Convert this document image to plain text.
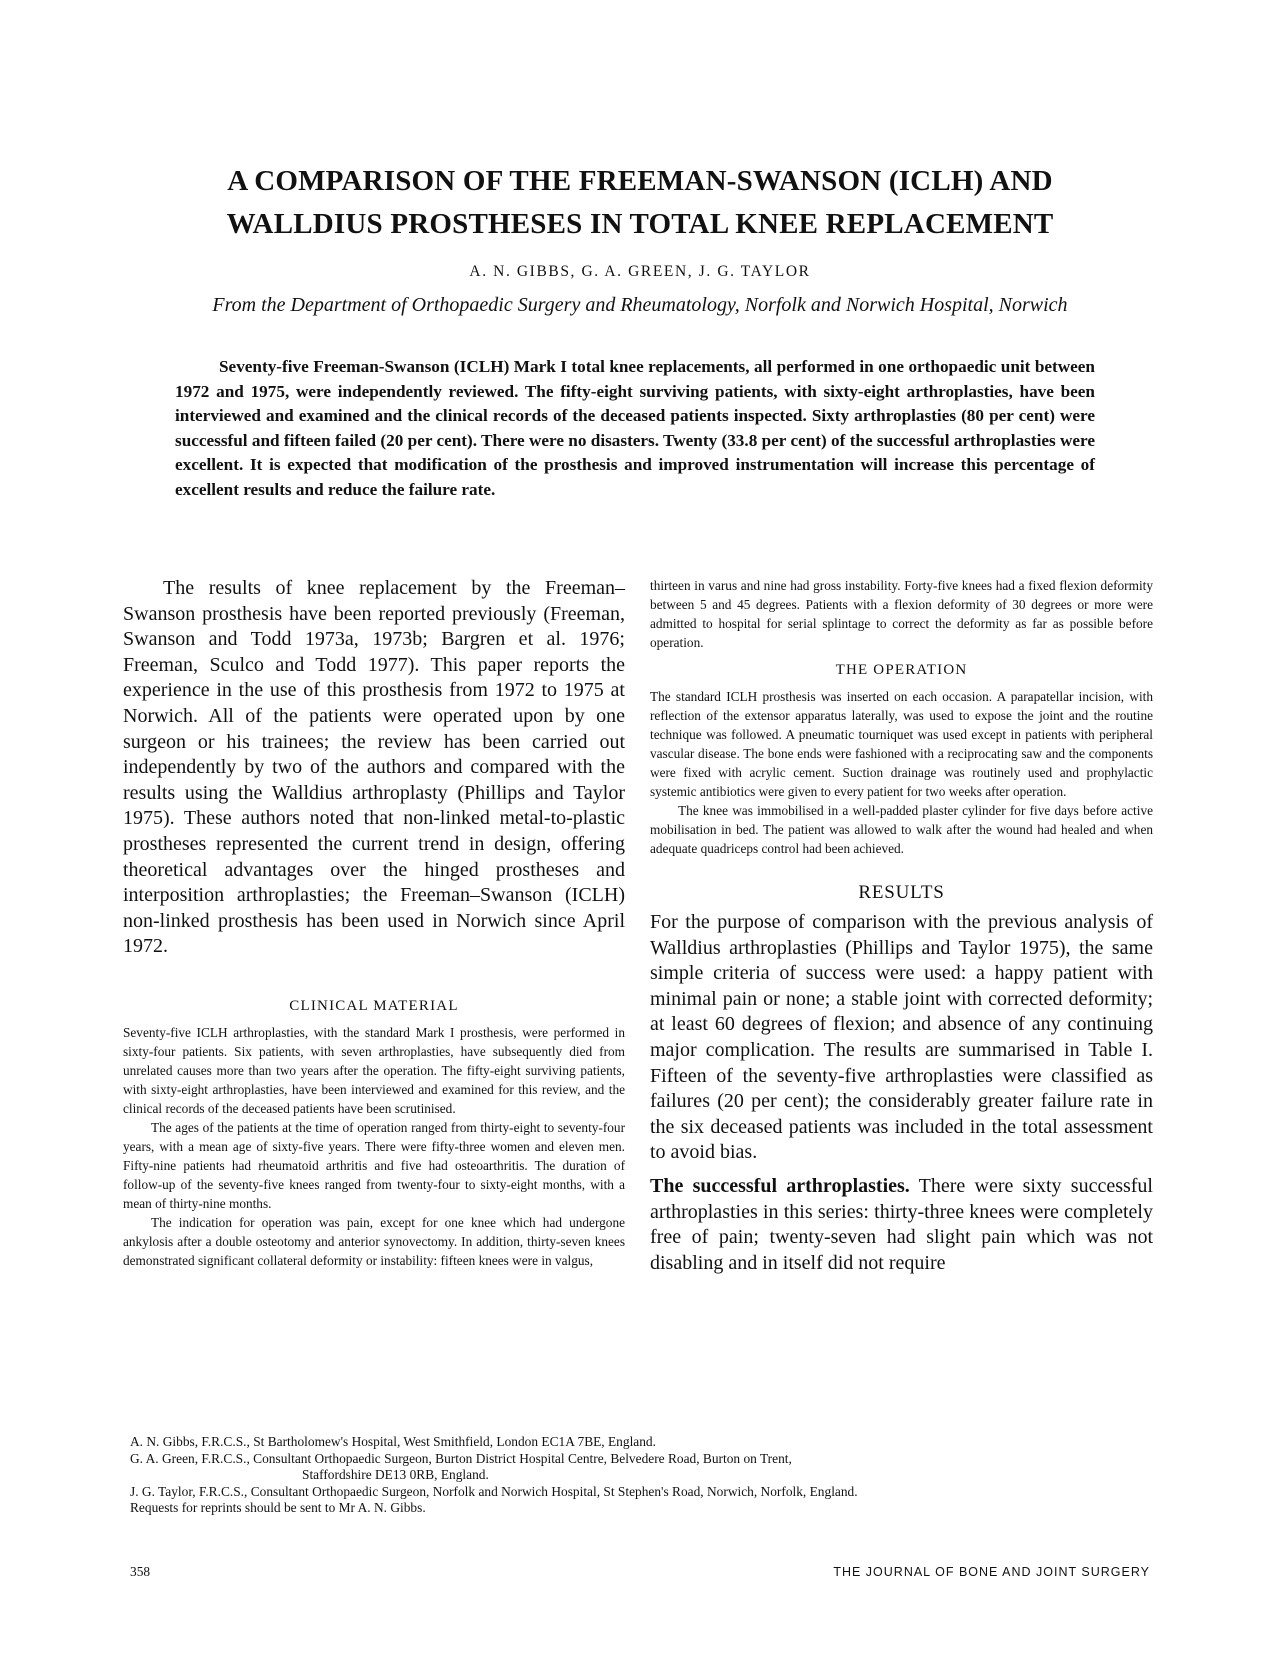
A COMPARISON OF THE FREEMAN-SWANSON (ICLH) AND
WALLDIUS PROSTHESES IN TOTAL KNEE REPLACEMENT
A. N. GIBBS, G. A. GREEN, J. G. TAYLOR
From the Department of Orthopaedic Surgery and Rheumatology, Norfolk and Norwich Hospital, Norwich

Seventy-five Freeman-Swanson (ICLH) Mark I total knee replacements, all performed in one orthopaedic unit between 1972 and 1975, were independently reviewed. The fifty-eight surviving patients, with sixty-eight arthroplasties, have been interviewed and examined and the clinical records of the deceased patients inspected. Sixty arthroplasties (80 per cent) were successful and fifteen failed (20 per cent). There were no disasters. Twenty (33.8 per cent) of the successful arthroplasties were excellent. It is expected that modification of the prosthesis and improved instrumentation will increase this percentage of excellent results and reduce the failure rate.

The results of knee replacement by the Freeman–Swanson prosthesis have been reported previously (Freeman, Swanson and Todd 1973a, 1973b; Bargren et al. 1976; Freeman, Sculco and Todd 1977). This paper reports the experience in the use of this prosthesis from 1972 to 1975 at Norwich. All of the patients were operated upon by one surgeon or his trainees; the review has been carried out independently by two of the authors and compared with the results using the Walldius arthroplasty (Phillips and Taylor 1975). These authors noted that non-linked metal-to-plastic prostheses represented the current trend in design, offering theoretical advantages over the hinged prostheses and interposition arthroplasties; the Freeman–Swanson (ICLH) non-linked prosthesis has been used in Norwich since April 1972.

CLINICAL MATERIAL

Seventy-five ICLH arthroplasties, with the standard Mark I prosthesis, were performed in sixty-four patients. Six patients, with seven arthroplasties, have subsequently died from unrelated causes more than two years after the operation. The fifty-eight surviving patients, with sixty-eight arthroplasties, have been interviewed and examined for this review, and the clinical records of the deceased patients have been scrutinised.

The ages of the patients at the time of operation ranged from thirty-eight to seventy-four years, with a mean age of sixty-five years. There were fifty-three women and eleven men. Fifty-nine patients had rheumatoid arthritis and five had osteoarthritis. The duration of follow-up of the seventy-five knees ranged from twenty-four to sixty-eight months, with a mean of thirty-nine months.

The indication for operation was pain, except for one knee which had undergone ankylosis after a double osteotomy and anterior synovectomy. In addition, thirty-seven knees demonstrated significant collateral deformity or instability: fifteen knees were in valgus,

thirteen in varus and nine had gross instability. Forty-five knees had a fixed flexion deformity between 5 and 45 degrees. Patients with a flexion deformity of 30 degrees or more were admitted to hospital for serial splintage to correct the deformity as far as possible before operation.

THE OPERATION

The standard ICLH prosthesis was inserted on each occasion. A parapatellar incision, with reflection of the extensor apparatus laterally, was used to expose the joint and the routine technique was followed. A pneumatic tourniquet was used except in patients with peripheral vascular disease. The bone ends were fashioned with a reciprocating saw and the components were fixed with acrylic cement. Suction drainage was routinely used and prophylactic systemic antibiotics were given to every patient for two weeks after operation.

The knee was immobilised in a well-padded plaster cylinder for five days before active mobilisation in bed. The patient was allowed to walk after the wound had healed and when adequate quadriceps control had been achieved.

RESULTS

For the purpose of comparison with the previous analysis of Walldius arthroplasties (Phillips and Taylor 1975), the same simple criteria of success were used: a happy patient with minimal pain or none; a stable joint with corrected deformity; at least 60 degrees of flexion; and absence of any continuing major complication. The results are summarised in Table I. Fifteen of the seventy-five arthroplasties were classified as failures (20 per cent); the considerably greater failure rate in the six deceased patients was included in the total assessment to avoid bias.

The successful arthroplasties. There were sixty successful arthroplasties in this series: thirty-three knees were completely free of pain; twenty-seven had slight pain which was not disabling and in itself did not require

A. N. Gibbs, F.R.C.S., St Bartholomew's Hospital, West Smithfield, London EC1A 7BE, England.

G. A. Green, F.R.C.S., Consultant Orthopaedic Surgeon, Burton District Hospital Centre, Belvedere Road, Burton on Trent,

Staffordshire DE13 0RB, England.

J. G. Taylor, F.R.C.S., Consultant Orthopaedic Surgeon, Norfolk and Norwich Hospital, St Stephen's Road, Norwich, Norfolk, England.

Requests for reprints should be sent to Mr A. N. Gibbs.

358	THE JOURNAL OF BONE AND JOINT SURGERY
